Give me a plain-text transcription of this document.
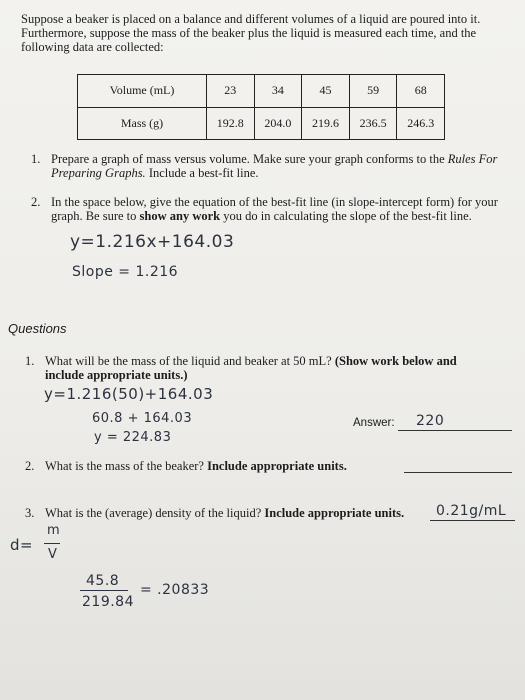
Suppose a beaker is placed on a balance and different volumes of a liquid are poured into it.
Furthermore, suppose the mass of the beaker plus the liquid is measured each time, and the
following data are collected:
Volume (mL)	23	34	45	59	68
Mass (g)	192.8	204.0	219.6	236.5	246.3
1. Prepare a graph of mass versus volume. Make sure your graph conforms to the Rules For
Preparing Graphs. Include a best-fit line.
2. In the space below, give the equation of the best-fit line (in slope-intercept form) for your
graph. Be sure to show any work you do in calculating the slope of the best-fit line.
y=1.216x+164.03
Slope = 1.216
Questions
1. What will be the mass of the liquid and beaker at 50 mL? (Show work below and
include appropriate units.)
y=1.216(50)+164.03
60.8 + 164.03
y = 224.83
Answer: 220
2. What is the mass of the beaker? Include appropriate units.
3. What is the (average) density of the liquid? Include appropriate units.	0.21g/mL
d=
m
V
45.8
219.84
= .20833
